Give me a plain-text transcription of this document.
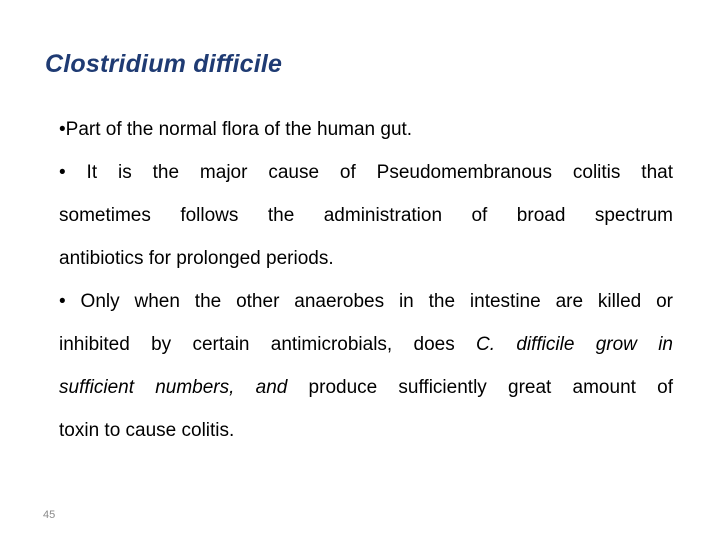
Clostridium difficile
•Part of the normal flora of the human gut.
• It is the major cause of Pseudomembranous colitis that
sometimes follows the administration of broad spectrum
antibiotics for prolonged periods.
• Only when the other anaerobes in the intestine are killed or
inhibited by certain antimicrobials, does C. difficile grow in
sufficient numbers, and produce sufficiently great amount of
toxin to cause colitis.
45
